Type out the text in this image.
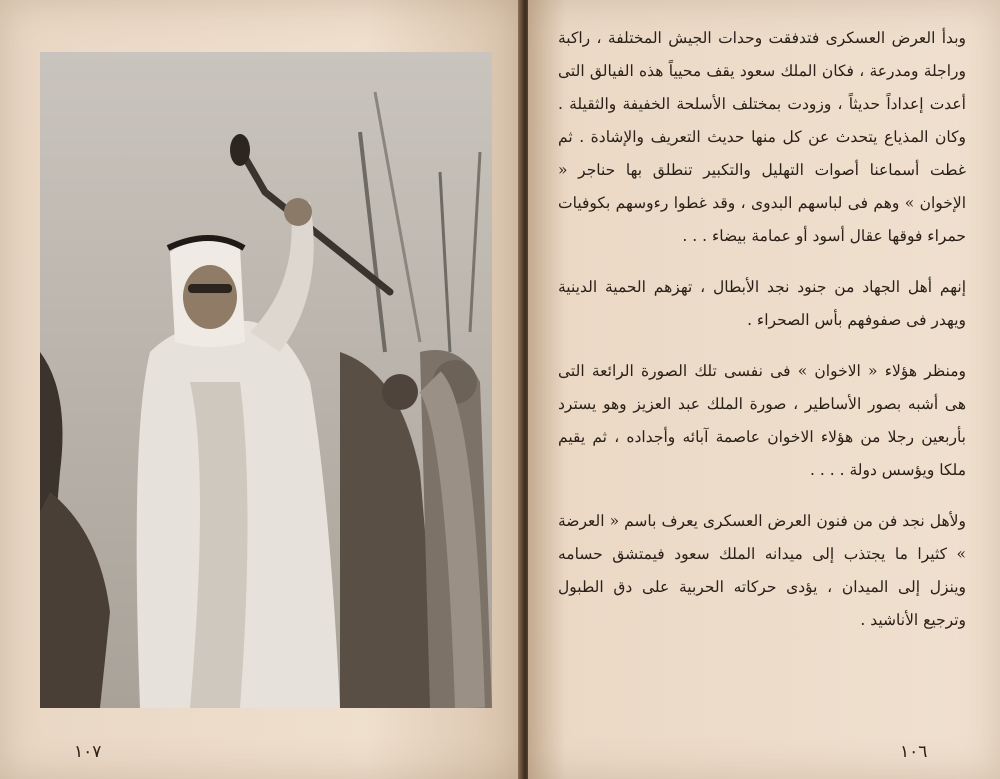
١٠٧

وبدأ العرض العسكرى فتدفقت وحدات الجيش المختلفة ، راكبة وراجلة ومدرعة ، فكان الملك سعود يقف محيياً هذه الفيالق التى أعدت إعداداً حديثاً ، وزودت بمختلف الأسلحة الخفيفة والثقيلة . وكان المذياع يتحدث عن كل منها حديث التعريف والإشادة . ثم غطت أسماعنا أصوات التهليل والتكبير تنطلق بها حناجر « الإخوان » وهم فى لباسهم البدوى ، وقد غطوا رءوسهم بكوفيات حمراء فوقها عقال أسود أو عمامة بيضاء . . .

إنهم أهل الجهاد من جنود نجد الأبطال ، تهزهم الحمية الدينية ويهدر فى صفوفهم بأس الصحراء .

ومنظر هؤلاء « الاخوان » فى نفسى تلك الصورة الرائعة التى هى أشبه بصور الأساطير ، صورة الملك عبد العزيز وهو يسترد بأربعين رجلا من هؤلاء الاخوان عاصمة آبائه وأجداده ، ثم يقيم ملكا ويؤسس دولة . . . .

ولأهل نجد فن من فنون العرض العسكرى يعرف باسم « العرضة » كثيرا ما يجتذب إلى ميدانه الملك سعود فيمتشق حسامه وينزل إلى الميدان ، يؤدى حركاته الحربية على دق الطبول وترجيع الأناشيد .

١٠٦
